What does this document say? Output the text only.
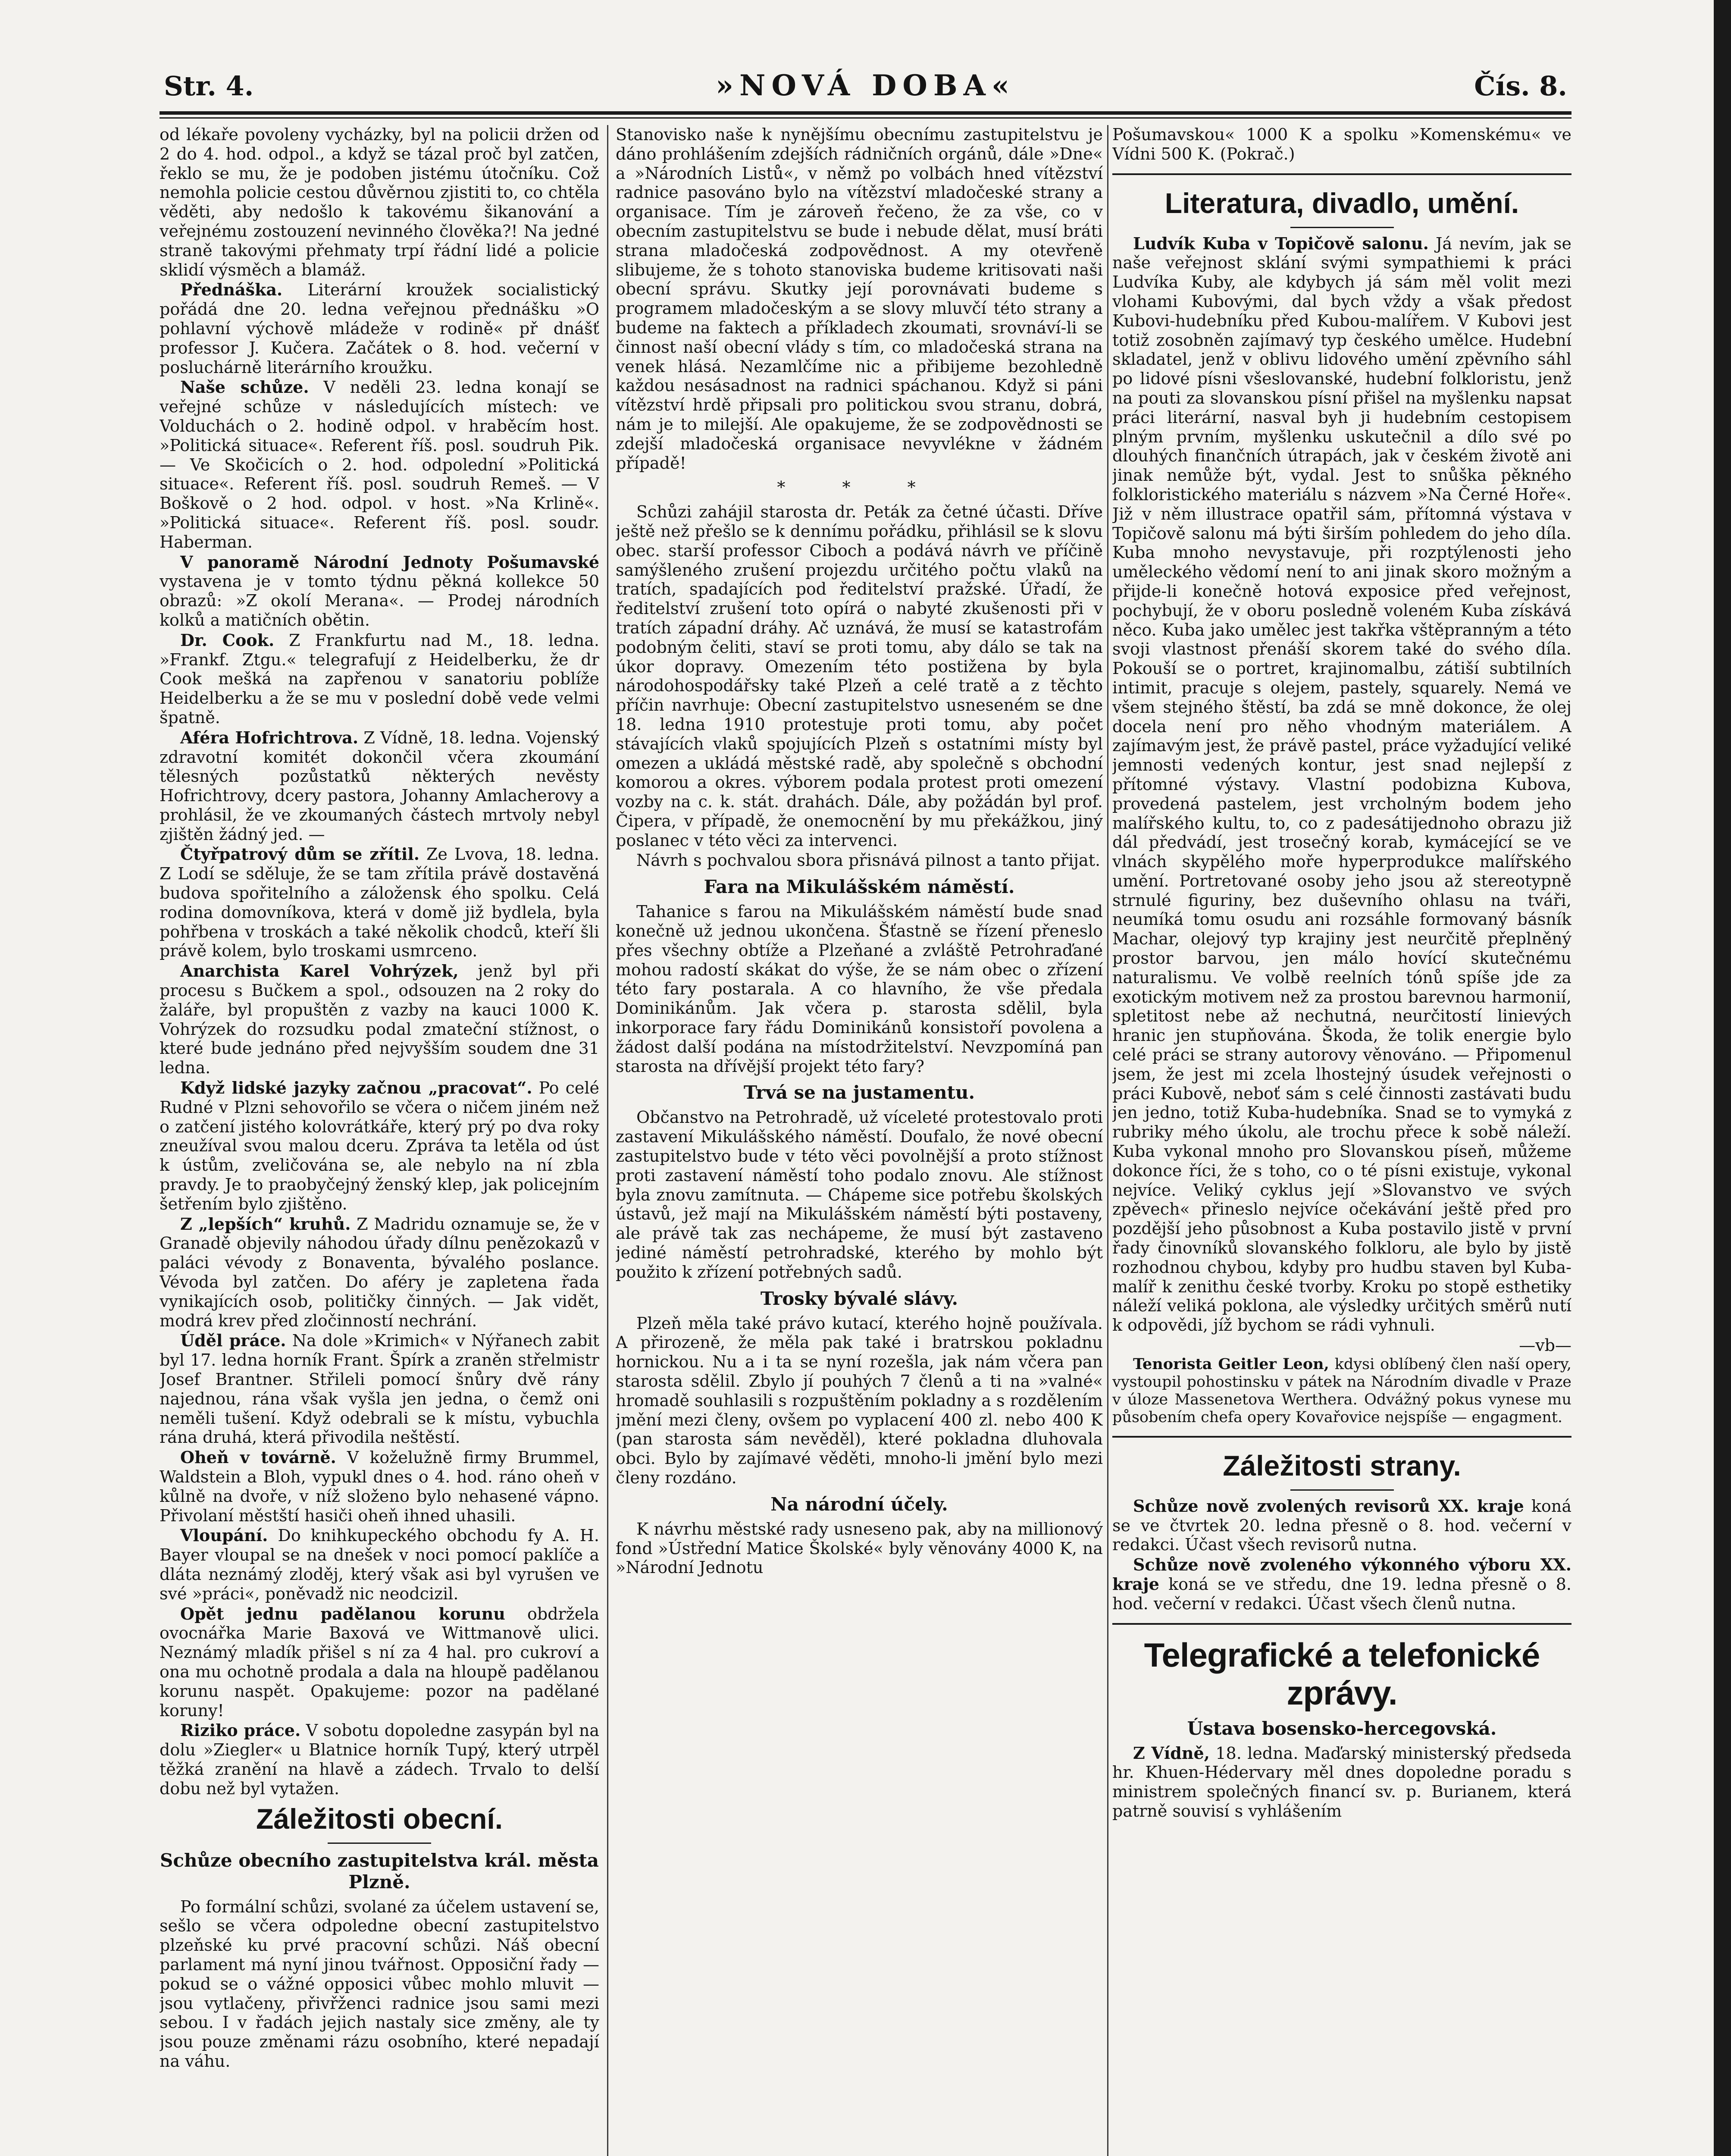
Str. 4.	»NOVÁ DOBA«	Čís. 8.

od lékaře povoleny vycházky, byl na policii držen od 2 do 4. hod. odpol., a když se tázal proč byl zatčen, řeklo se mu, že je podoben jistému útočníku. Což nemohla policie cestou důvěrnou zjistiti to, co chtěla věděti, aby nedošlo k takovému šikanování a veřejnému zostouzení nevinného člověka?! Na jedné straně takovými přehmaty trpí řádní lidé a policie sklidí výsměch a blamáž.

Přednáška. Literární kroužek socialistický pořádá dne 20. ledna veřejnou přednášku »O pohlavní výchově mládeže v rodině« př dnášť professor J. Kučera. Začátek o 8. hod. večerní v posluchárně literárního kroužku.

Naše schůze. V neděli 23. ledna konají se veřejné schůze v následujících místech: ve Volduchách o 2. hodině odpol. v hraběcím host. »Politická situace«. Referent říš. posl. soudruh Pik. — Ve Skočicích o 2. hod. odpolední »Politická situace«. Referent říš. posl. soudruh Remeš. — V Boškově o 2 hod. odpol. v host. »Na Krlině«. »Politická situace«. Referent říš. posl. soudr. Haberman.

V panoramě Národní Jednoty Pošumavské vystavena je v tomto týdnu pěkná kollekce 50 obrazů: »Z okolí Merana«. — Prodej národních kolků a matičních obětin.

Dr. Cook. Z Frankfurtu nad M., 18. ledna. »Frankf. Ztgu.« telegrafují z Heidelberku, že dr Cook mešká na zapřenou v sanatoriu poblíže Heidelberku a že se mu v poslední době vede velmi špatně.

Aféra Hofrichtrova. Z Vídně, 18. ledna. Vojenský zdravotní komitét dokončil včera zkoumání tělesných pozůstatků některých nevěsty Hofrichtrovy, dcery pastora, Johanny Amlacherovy a prohlásil, že ve zkoumaných částech mrtvoly nebyl zjištěn žádný jed. —

Čtyřpatrový dům se zřítil. Ze Lvova, 18. ledna. Z Lodí se sděluje, že se tam zřítila právě dostavěná budova spořitelního a záložensk ého spolku. Celá rodina domovníkova, která v domě již bydlela, byla pohřbena v troskách a také několik chodců, kteří šli právě kolem, bylo troskami usmrceno.

Anarchista Karel Vohrýzek, jenž byl při procesu s Bučkem a spol., odsouzen na 2 roky do žaláře, byl propuštěn z vazby na kauci 1000 K. Vohrýzek do rozsudku podal zmateční stížnost, o které bude jednáno před nejvyšším soudem dne 31 ledna.

Když lidské jazyky začnou „pracovat“. Po celé Rudné v Plzni sehovořilo se včera o ničem jiném než o zatčení jistého kolovrátkáře, který prý po dva roky zneužíval svou malou dceru. Zpráva ta letěla od úst k ústům, zveličována se, ale nebylo na ní zbla pravdy. Je to praobyčejný ženský klep, jak policejním šetřením bylo zjištěno.

Z „lepších“ kruhů. Z Madridu oznamuje se, že v Granadě objevily náhodou úřady dílnu penězokazů v paláci vévody z Bonaventa, bývalého poslance. Vévoda byl zatčen. Do aféry je zapletena řada vynikajících osob, političky činných. — Jak vidět, modrá krev před zločinností nechrání.

Úděl práce. Na dole »Krimich« v Nýřanech zabit byl 17. ledna horník Frant. Špírk a zraněn střelmistr Josef Brantner. Střileli pomocí šnůry dvě rány najednou, rána však vyšla jen jedna, o čemž oni neměli tušení. Když odebrali se k místu, vybuchla rána druhá, která přivodila neštěstí.

Oheň v továrně. V koželužně firmy Brummel, Waldstein a Bloh, vypukl dnes o 4. hod. ráno oheň v kůlně na dvoře, v níž složeno bylo nehasené vápno. Přivolaní městští hasiči oheň ihned uhasili.

Vloupání. Do knihkupeckého obchodu fy A. H. Bayer vloupal se na dnešek v noci pomocí paklíče a dláta neznámý zloděj, který však asi byl vyrušen ve své »práci«, poněvadž nic neodcizil.

Opět jednu padělanou korunu obdržela ovocnářka Marie Baxová ve Wittmanově ulici. Neznámý mladík přišel s ní za 4 hal. pro cukroví a ona mu ochotně prodala a dala na hloupě padělanou korunu naspět. Opakujeme: pozor na padělané koruny!

Riziko práce. V sobotu dopoledne zasypán byl na dolu »Ziegler« u Blatnice horník Tupý, který utrpěl těžká zranění na hlavě a zádech. Trvalo to delší dobu než byl vytažen.

Záležitosti obecní.
Schůze obecního zastupitelstva král. města Plzně.

Po formální schůzi, svolané za účelem ustavení se, sešlo se včera odpoledne obecní zastupitelstvo plzeňské ku prvé pracovní schůzi. Náš obecní parlament má nyní jinou tvářnost. Opposiční řady — pokud se o vážné opposici vůbec mohlo mluvit — jsou vytlačeny, přivřženci radnice jsou sami mezi sebou. I v řadách jejich nastaly sice změny, ale ty jsou pouze změnami rázu osobního, které nepadají na váhu.

Stanovisko naše k nynějšímu obecnímu zastupitelstvu je dáno prohlášením zdejších rádničních orgánů, dále »Dne« a »Národních Listů«, v němž po volbách hned vítězství radnice pasováno bylo na vítězství mladočeské strany a organisace. Tím je zároveň řečeno, že za vše, co v obecním zastupitelstvu se bude i nebude dělat, musí bráti strana mladočeská zodpovědnost. A my otevřeně slibujeme, že s tohoto stanoviska budeme kritisovati naši obecní správu. Skutky její porovnávati budeme s programem mladočeským a se slovy mluvčí této strany a budeme na faktech a příkladech zkoumati, srovnáví-li se činnost naší obecní vlády s tím, co mladočeská strana na venek hlásá. Nezamlčíme nic a přibijeme bezohledně každou nesásadnost na radnici spáchanou. Když si páni vítězství hrdě připsali pro politickou svou stranu, dobrá, nám je to milejší. Ale opakujeme, že se zodpovědnosti se zdejší mladočeská organisace nevyvlékne v žádném případě!

* * *

Schůzi zahájil starosta dr. Peták za četné účasti. Dříve ještě než přešlo se k dennímu pořádku, přihlásil se k slovu obec. starší professor Ciboch a podává návrh ve příčině samýšleného zrušení projezdu určitého počtu vlaků na tratích, spadajících pod ředitelství pražské. Úřadí, že ředitelství zrušení toto opírá o nabyté zkušenosti při v tratích západní dráhy. Ač uznává, že musí se katastrofám podobným čeliti, staví se proti tomu, aby dálo se tak na úkor dopravy. Omezením této postižena by byla národohospodářsky také Plzeň a celé tratě a z těchto příčin navrhuje: Obecní zastupitelstvo usneseném se dne 18. ledna 1910 protestuje proti tomu, aby počet stávajících vlaků spojujících Plzeň s ostatními místy byl omezen a ukládá městské radě, aby společně s obchodní komorou a okres. výborem podala protest proti omezení vozby na c. k. stát. drahách. Dále, aby požádán byl prof. Čipera, v případě, že onemocnění by mu překážkou, jiný poslanec v této věci za intervenci.

Návrh s pochvalou sbora přisnává pilnost a tanto přijat.

Fara na Mikulášském náměstí.

Tahanice s farou na Mikulášském náměstí bude snad konečně už jednou ukončena. Šťastně se řízení přeneslo přes všechny obtíže a Plzeňané a zvláště Petrohraďané mohou radostí skákat do výše, že se nám obec o zřízení této fary postarala. A co hlavního, že vše předala Dominikánům. Jak včera p. starosta sdělil, byla inkorporace fary řádu Dominikánů konsistoří povolena a žádost další podána na místodržitelství. Nevzpomíná pan starosta na dřívější projekt této fary?

Trvá se na justamentu.

Občanstvo na Petrohradě, už víceleté protestovalo proti zastavení Mikulášského náměstí. Doufalo, že nové obecní zastupitelstvo bude v této věci povolnější a proto stížnost proti zastavení náměstí toho podalo znovu. Ale stížnost byla znovu zamítnuta. — Chápeme sice potřebu školských ústavů, jež mají na Mikulášském náměstí býti postaveny, ale právě tak zas nechápeme, že musí být zastaveno jediné náměstí petrohradské, kterého by mohlo být použito k zřízení potřebných sadů.

Trosky bývalé slávy.

Plzeň měla také právo kutací, kterého hojně používala. A přirozeně, že měla pak také i bratrskou pokladnu hornickou. Nu a i ta se nyní rozešla, jak nám včera pan starosta sdělil. Zbylo jí pouhých 7 členů a ti na »valné« hromadě souhlasili s rozpuštěním pokladny a s rozdělením jmění mezi členy, ovšem po vyplacení 400 zl. nebo 400 K (pan starosta sám nevěděl), které pokladna dluhovala obci. Bylo by zajímavé věděti, mnoho-li jmění bylo mezi členy rozdáno.

Na národní účely.

K návrhu městské rady usneseno pak, aby na millionový fond »Ústřední Matice Školské« byly věnovány 4000 K, na »Národní Jednotu

Pošumavskou« 1000 K a spolku »Komenskému« ve Vídni 500 K. (Pokrač.)

Literatura, divadlo, umění.

Ludvík Kuba v Topičově salonu. Já nevím, jak se naše veřejnost sklání svými sympathiemi k práci Ludvíka Kuby, ale kdybych já sám měl volit mezi vlohami Kubovými, dal bych vždy a však předost Kubovi-hudebníku před Kubou-malířem. V Kubovi jest totiž zosobněn zajímavý typ českého umělce. Hudební skladatel, jenž v oblivu lidového umění zpěvního sáhl po lidové písni všeslovanské, hudební folkloristu, jenž na pouti za slovanskou písní přišel na myšlenku napsat práci literární, nasval byh ji hudebním cestopisem plným prvním, myšlenku uskutečnil a dílo své po dlouhých finančních útrapách, jak v českém životě ani jinak nemůže být, vydal. Jest to snůška pěkného folkloristického materiálu s názvem »Na Černé Hoře«. Již v něm illustrace opatřil sám, přítomná výstava v Topičově salonu má býti širším pohledem do jeho díla. Kuba mnoho nevystavuje, při rozptýlenosti jeho uměleckého vědomí není to ani jinak skoro možným a přijde-li konečně hotová exposice před veřejnost, pochybují, že v oboru posledně voleném Kuba získává něco. Kuba jako umělec jest takřka vštěpranným a této svoji vlastnost přenáší skorem také do svého díla. Pokouší se o portret, krajinomalbu, zátiší subtilních intimit, pracuje s olejem, pastely, squarely. Nemá ve všem stejného štěstí, ba zdá se mně dokonce, že olej docela není pro něho vhodným materiálem. A zajímavým jest, že právě pastel, práce vyžadující veliké jemnosti vedených kontur, jest snad nejlepší z přítomné výstavy. Vlastní podobizna Kubova, provedená pastelem, jest vrcholným bodem jeho malířského kultu, to, co z padesátijednoho obrazu již dál předvádí, jest trosečný korab, kymácející se ve vlnách skypělého moře hyperprodukce malířského umění. Portretované osoby jeho jsou až stereotypně strnulé figuriny, bez duševního ohlasu na tváři, neumíká tomu osudu ani rozsáhle formovaný básník Machar, olejový typ krajiny jest neurčitě přeplněný prostor barvou, jen málo hovící skutečnému naturalismu. Ve volbě reelních tónů spíše jde za exotickým motivem než za prostou barevnou harmonií, spletitost nebe až nechutná, neurčitostí linievých hranic jen stupňována. Škoda, že tolik energie bylo celé práci se strany autorovy věnováno. — Připomenul jsem, že jest mi zcela lhostejný úsudek veřejnosti o práci Kubově, neboť sám s celé činnosti zastávati budu jen jedno, totiž Kuba-hudebníka. Snad se to vymyká z rubriky mého úkolu, ale trochu přece k sobě náleží. Kuba vykonal mnoho pro Slovanskou píseň, můžeme dokonce říci, že s toho, co o té písni existuje, vykonal nejvíce. Veliký cyklus její »Slovanstvo ve svých zpěvech« přineslo nejvíce očekávání ještě před pro pozdější jeho působnost a Kuba postavilo jistě v první řady činovníků slovanského folkloru, ale bylo by jistě rozhodnou chybou, kdyby pro hudbu staven byl Kuba-malíř k zenithu české tvorby. Kroku po stopě esthetiky náleží veliká poklona, ale výsledky určitých směrů nutí k odpovědi, jíž bychom se rádi vyhnuli.

—vb—

Tenorista Geitler Leon, kdysi oblíbený člen naší opery, vystoupil pohostinsku v pátek na Národním divadle v Praze v úloze Massenetova Werthera. Odvážný pokus vynese mu působením chefa opery Kovařovice nejspíše — engagment.

Záležitosti strany.

Schůze nově zvolených revisorů XX. kraje koná se ve čtvrtek 20. ledna přesně o 8. hod. večerní v redakci. Účast všech revisorů nutna.

Schůze nově zvoleného výkonného výboru XX. kraje koná se ve středu, dne 19. ledna přesně o 8. hod. večerní v redakci. Účast všech členů nutna.

Telegrafické a telefonické zprávy.
Ústava bosensko-hercegovská.

Z Vídně, 18. ledna. Maďarský ministerský předseda hr. Khuen-Hédervary měl dnes dopoledne poradu s ministrem společných financí sv. p. Burianem, která patrně souvisí s vyhlášením
